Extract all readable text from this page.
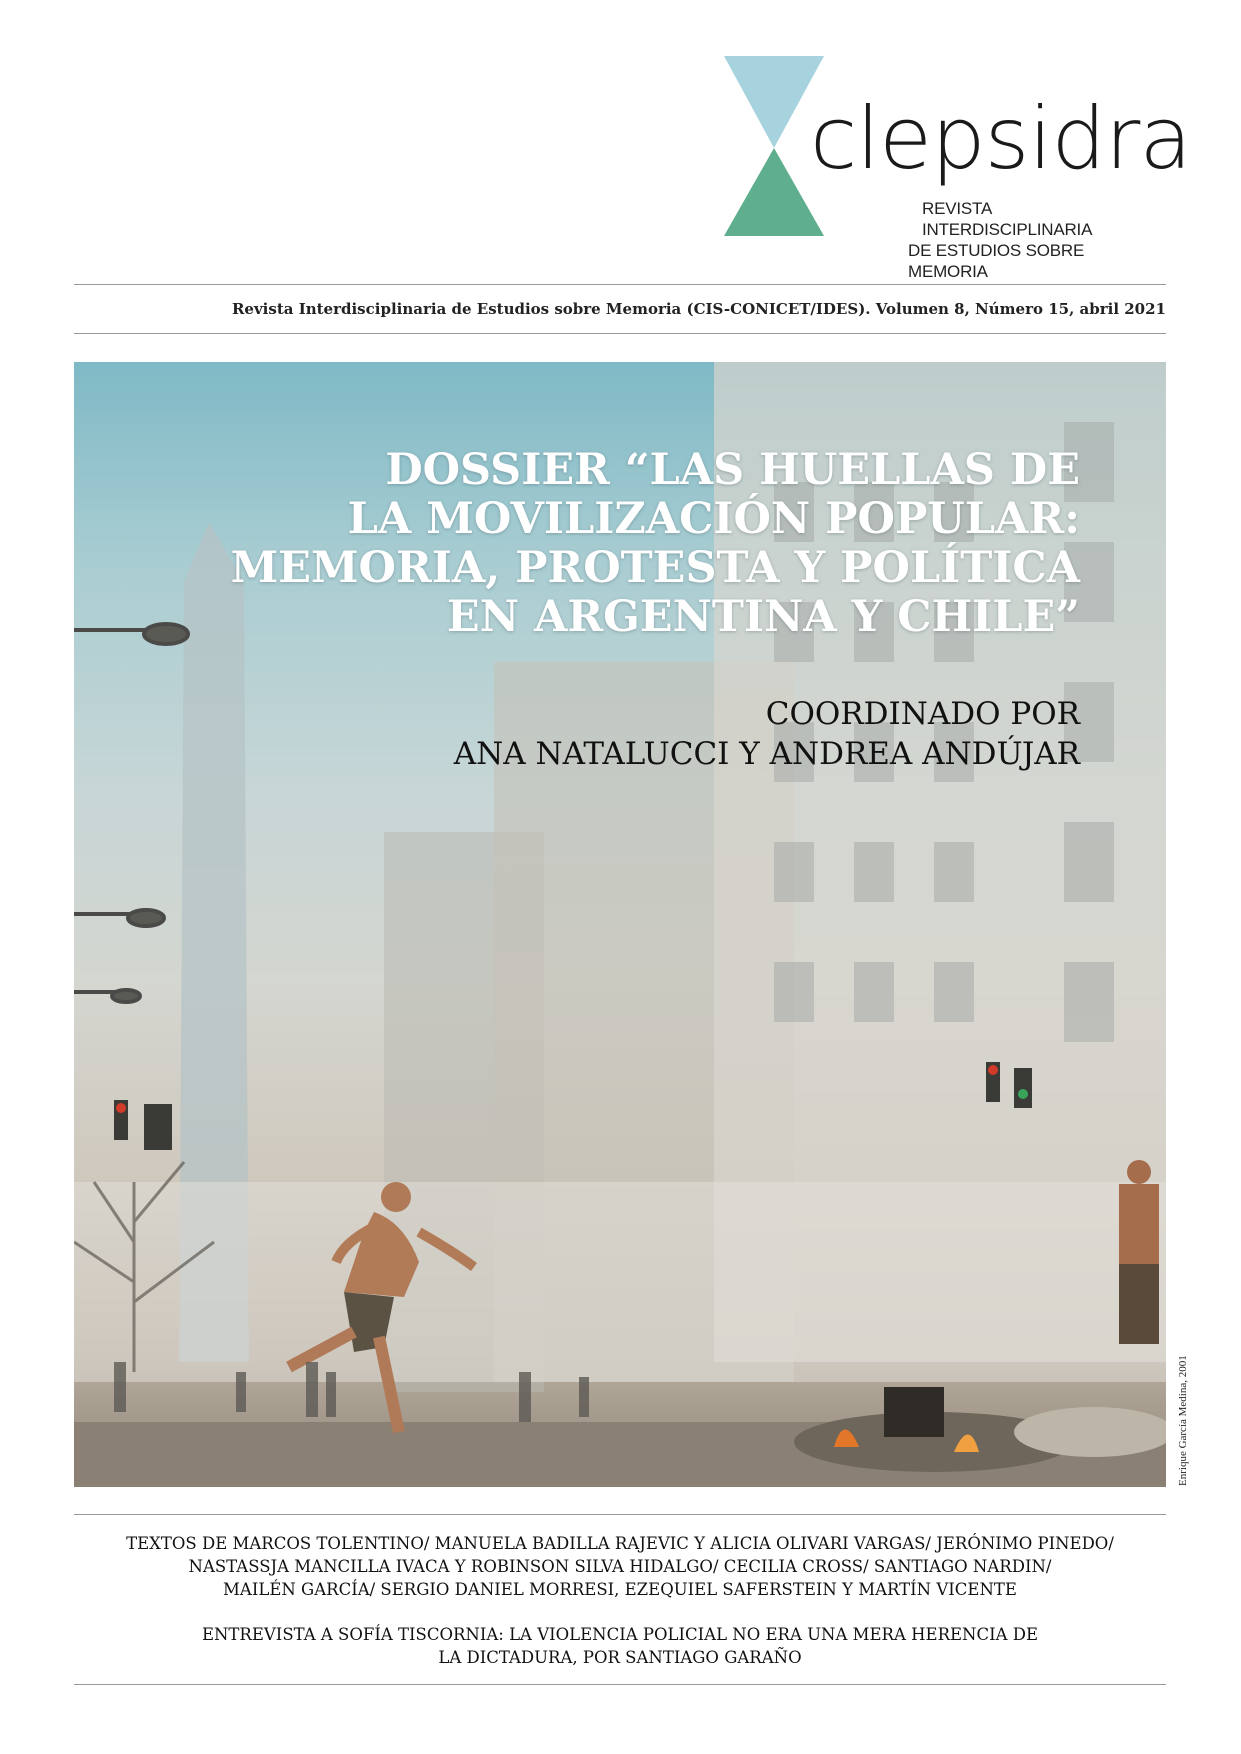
clepsidra
REVISTA INTERDISCIPLINARIA
DE ESTUDIOS SOBRE MEMORIA
Revista Interdisciplinaria de Estudios sobre Memoria (CIS-CONICET/IDES). Volumen 8, Número 15, abril 2021
DOSSIER “LAS HUELLAS DE
LA MOVILIZACIÓN POPULAR:
MEMORIA, PROTESTA Y POLÍTICA
EN ARGENTINA Y CHILE”
COORDINADO POR
ANA NATALUCCI Y ANDREA ANDÚJAR
Enrique García Medina, 2001
TEXTOS DE MARCOS TOLENTINO/ MANUELA BADILLA RAJEVIC Y ALICIA OLIVARI VARGAS/ JERÓNIMO PINEDO/
NASTASSJA MANCILLA IVACA Y ROBINSON SILVA HIDALGO/ CECILIA CROSS/ SANTIAGO NARDIN/
MAILÉN GARCÍA/ SERGIO DANIEL MORRESI, EZEQUIEL SAFERSTEIN Y MARTÍN VICENTE
ENTREVISTA A SOFÍA TISCORNIA: LA VIOLENCIA POLICIAL NO ERA UNA MERA HERENCIA DE
LA DICTADURA, POR SANTIAGO GARAÑO
